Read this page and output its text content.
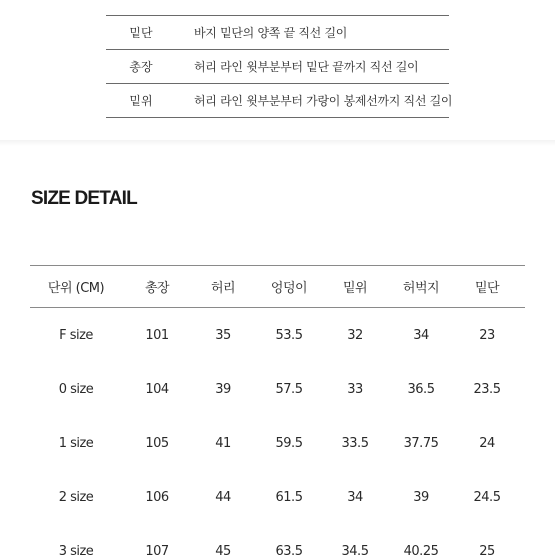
밑단	바지 밑단의 양쪽 끝 직선 길이
총장	허리 라인 윗부분부터 밑단 끝까지 직선 길이
밑위	허리 라인 윗부분부터 가랑이 봉제선까지 직선 길이
SIZE DETAIL
단위 (CM)	총장	허리	엉덩이	밑위	허벅지	밑단
F size	101	35	53.5	32	34	23
0 size	104	39	57.5	33	36.5	23.5
1 size	105	41	59.5	33.5	37.75	24
2 size	106	44	61.5	34	39	24.5
3 size	107	45	63.5	34.5	40.25	25
